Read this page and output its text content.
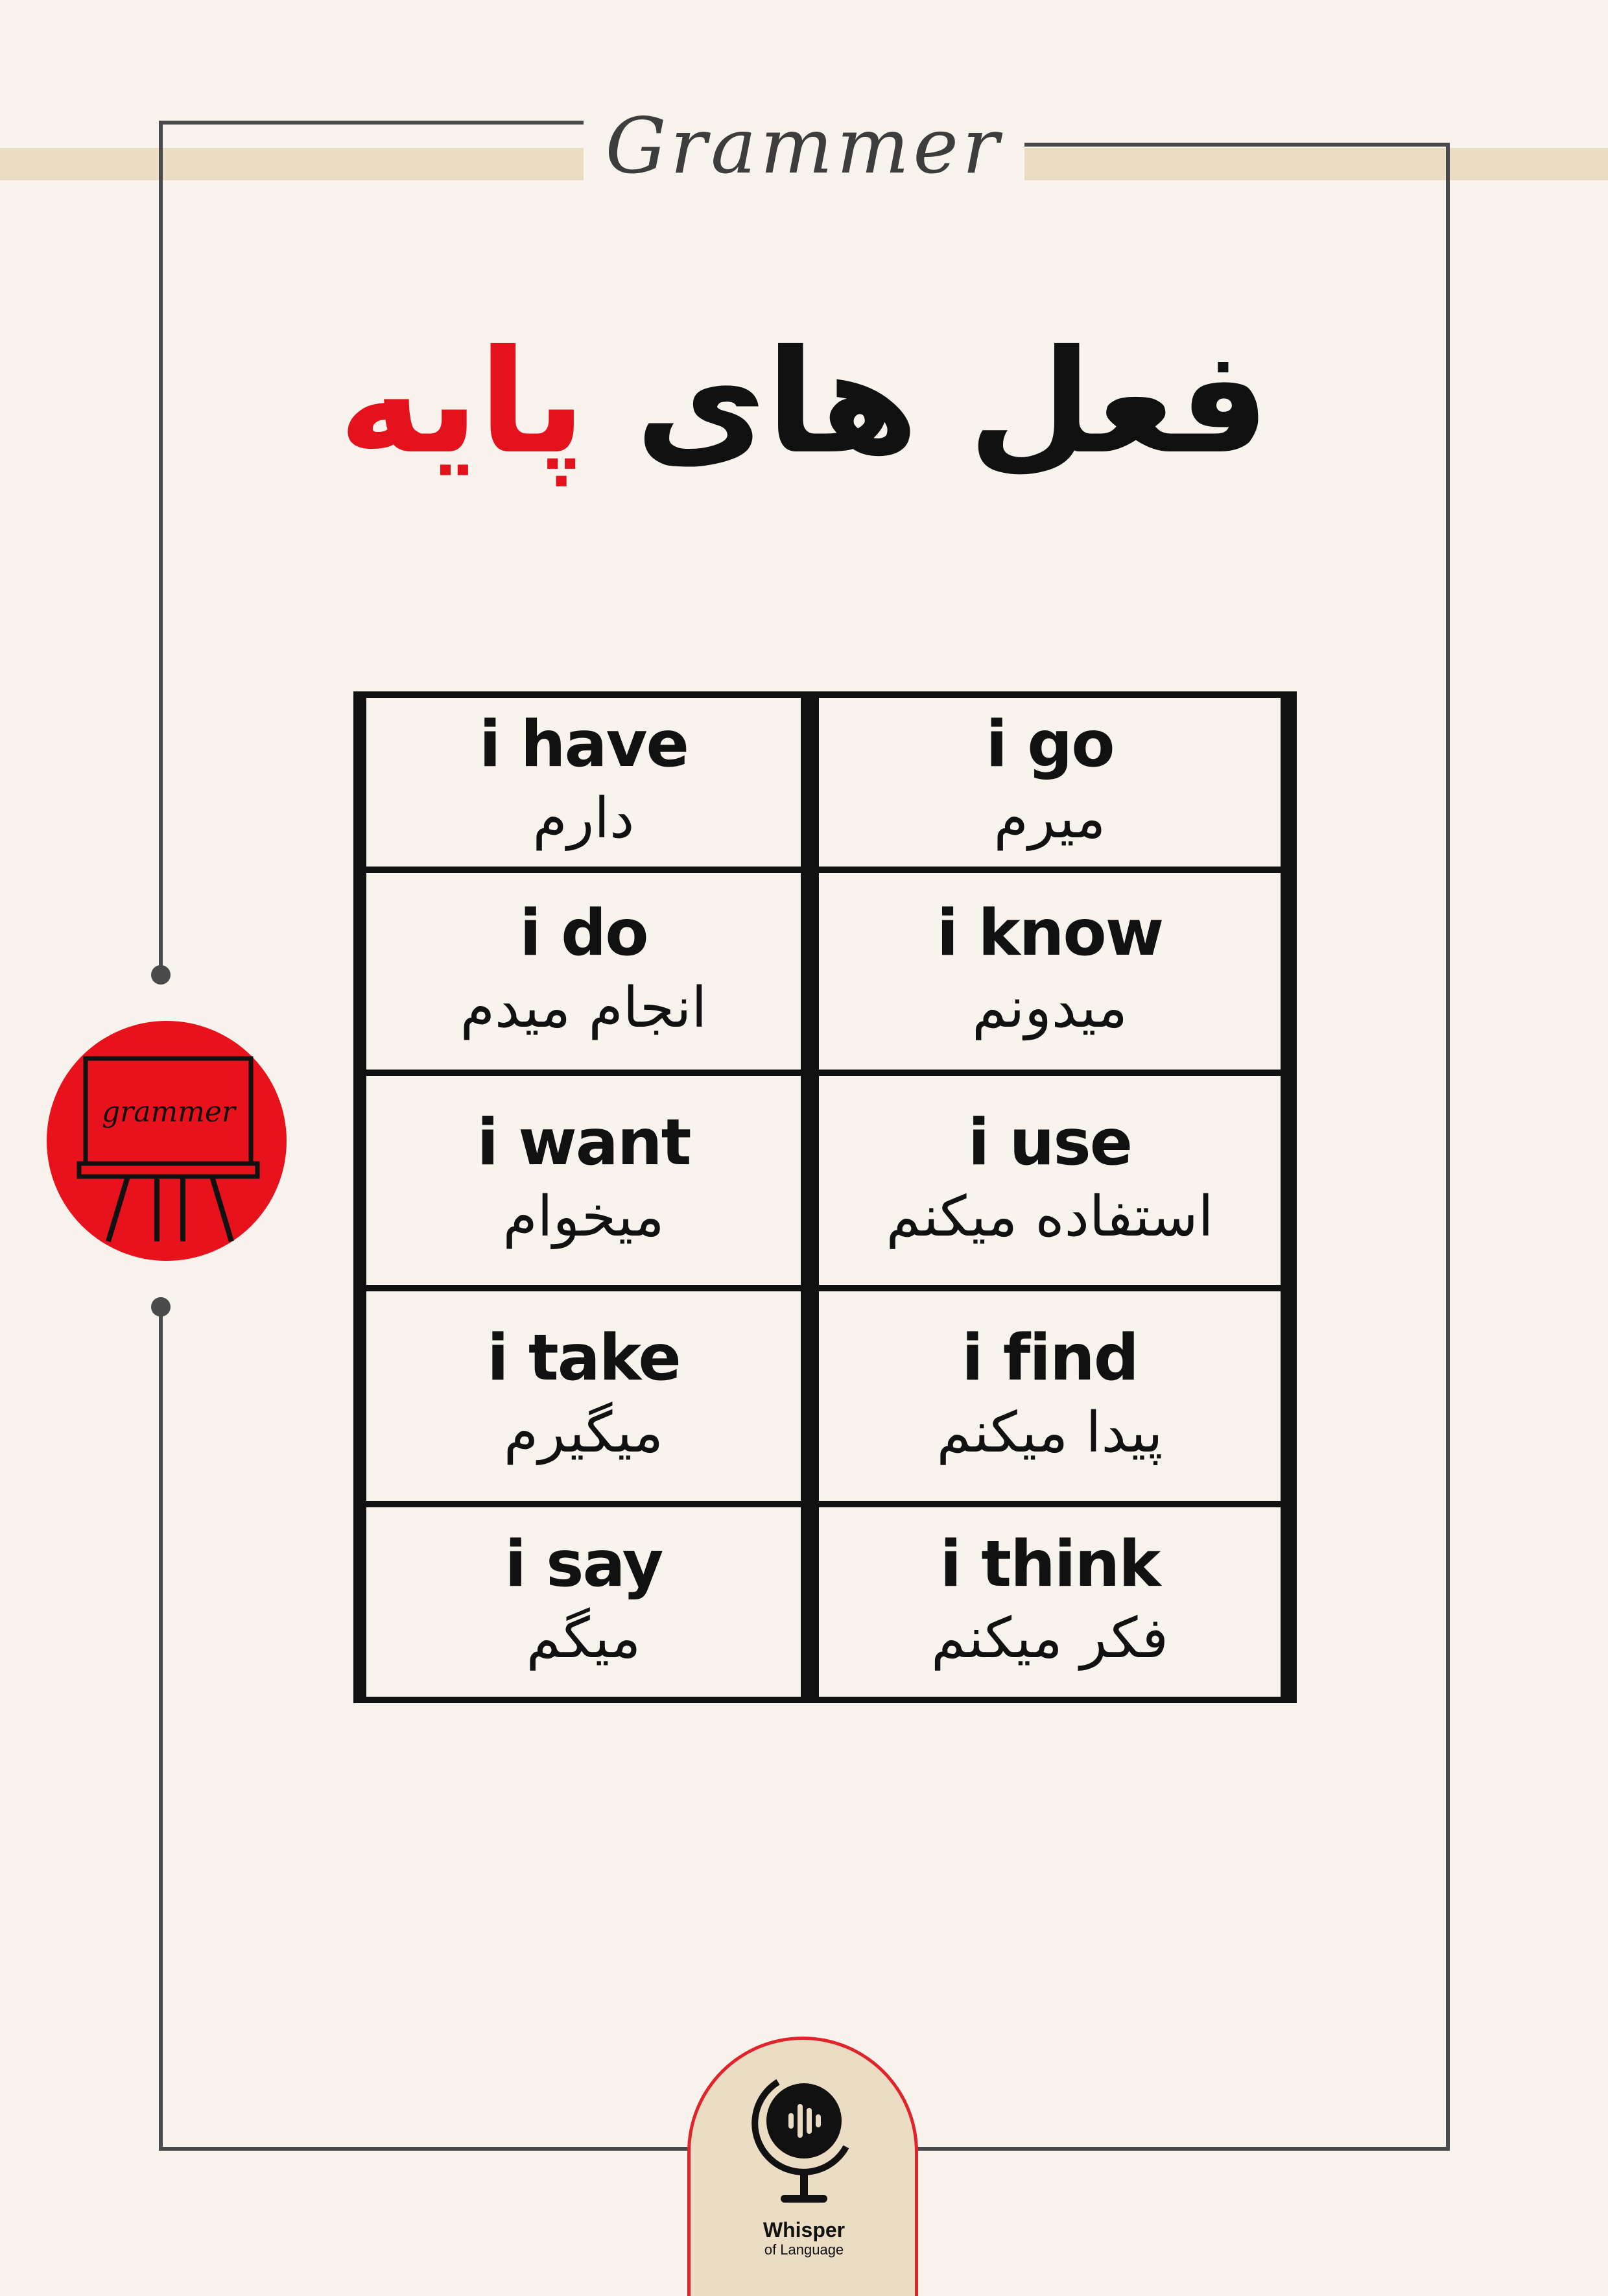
Grammer
فعل های پایه
grammer
i have
دارم
i go
میرم
i do
انجام میدم
i know
میدونم
i want
میخوام
i use
استفاده میکنم
i take
میگیرم
i find
پیدا میکنم
i say
میگم
i think
فکر میکنم
Whisper
of Language
